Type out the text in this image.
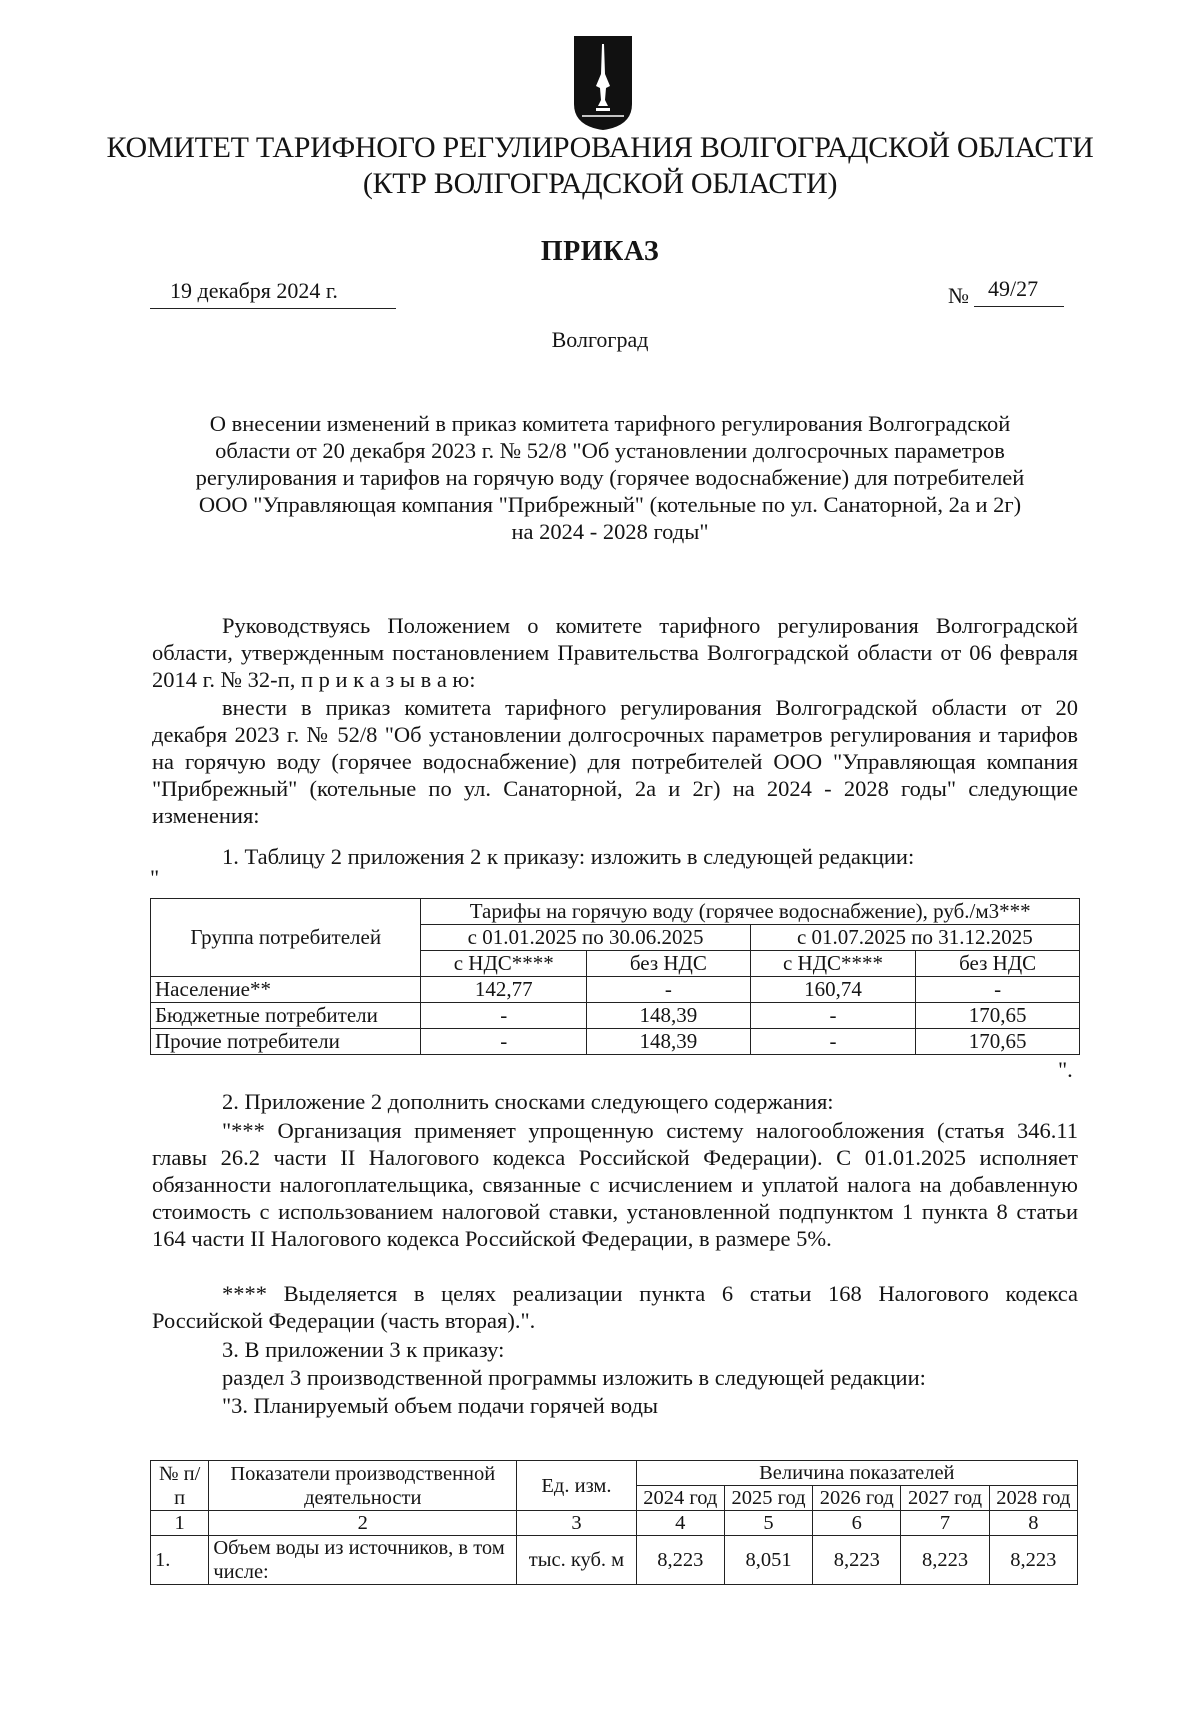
КОМИТЕТ ТАРИФНОГО РЕГУЛИРОВАНИЯ ВОЛГОГРАДСКОЙ ОБЛАСТИ
(КТР ВОЛГОГРАДСКОЙ ОБЛАСТИ)
ПРИКАЗ
19 декабря 2024 г.	№ 49/27
Волгоград
О внесении изменений в приказ комитета тарифного регулирования Волгоградской
области от 20 декабря 2023 г. № 52/8 "Об установлении долгосрочных параметров
регулирования и тарифов на горячую воду (горячее водоснабжение) для потребителей
ООО "Управляющая компания "Прибрежный" (котельные по ул. Санаторной, 2а и 2г)
на 2024 - 2028 годы"
Руководствуясь Положением о комитете тарифного регулирования Волгоградской области, утвержденным постановлением Правительства Волгоградской области от 06 февраля 2014 г. № 32-п, п р и к а з ы в а ю:
внести в приказ комитета тарифного регулирования Волгоградской области от 20 декабря 2023 г. № 52/8 "Об установлении долгосрочных параметров регулирования и тарифов на горячую воду (горячее водоснабжение) для потребителей ООО "Управляющая компания "Прибрежный" (котельные по ул. Санаторной, 2а и 2г) на 2024 - 2028 годы" следующие изменения:
1. Таблицу 2 приложения 2 к приказу: изложить в следующей редакции:
"
Группа потребителей	Тарифы на горячую воду (горячее водоснабжение), руб./м3***			
	с 01.01.2025 по 30.06.2025		с 01.07.2025 по 31.12.2025	
	с НДС****	без НДС	с НДС****	без НДС
Население**	142,77	-	160,74	-
Бюджетные потребители	-	148,39	-	170,65
Прочие потребители	-	148,39	-	170,65
".
2. Приложение 2 дополнить сносками следующего содержания:
"*** Организация применяет упрощенную систему налогообложения (статья 346.11 главы 26.2 части II Налогового кодекса Российской Федерации). С 01.01.2025 исполняет обязанности налогоплательщика, связанные с исчислением и уплатой налога на добавленную стоимость с использованием налоговой ставки, установленной подпунктом 1 пункта 8 статьи 164 части II Налогового кодекса Российской Федерации, в размере 5%.
**** Выделяется в целях реализации пункта 6 статьи 168 Налогового кодекса Российской Федерации (часть вторая).".
3. В приложении 3 к приказу:
раздел 3 производственной программы изложить в следующей редакции:
"3. Планируемый объем подачи горячей воды
№ п/п	Показатели производственной деятельности	Ед. изм.	Величина показателей				
			2024 год	2025 год	2026 год	2027 год	2028 год

1	2	3	4	5	6	7	8
1.	Объем воды из источников, в том числе:	тыс. куб. м	8,223	8,051	8,223	8,223	8,223
